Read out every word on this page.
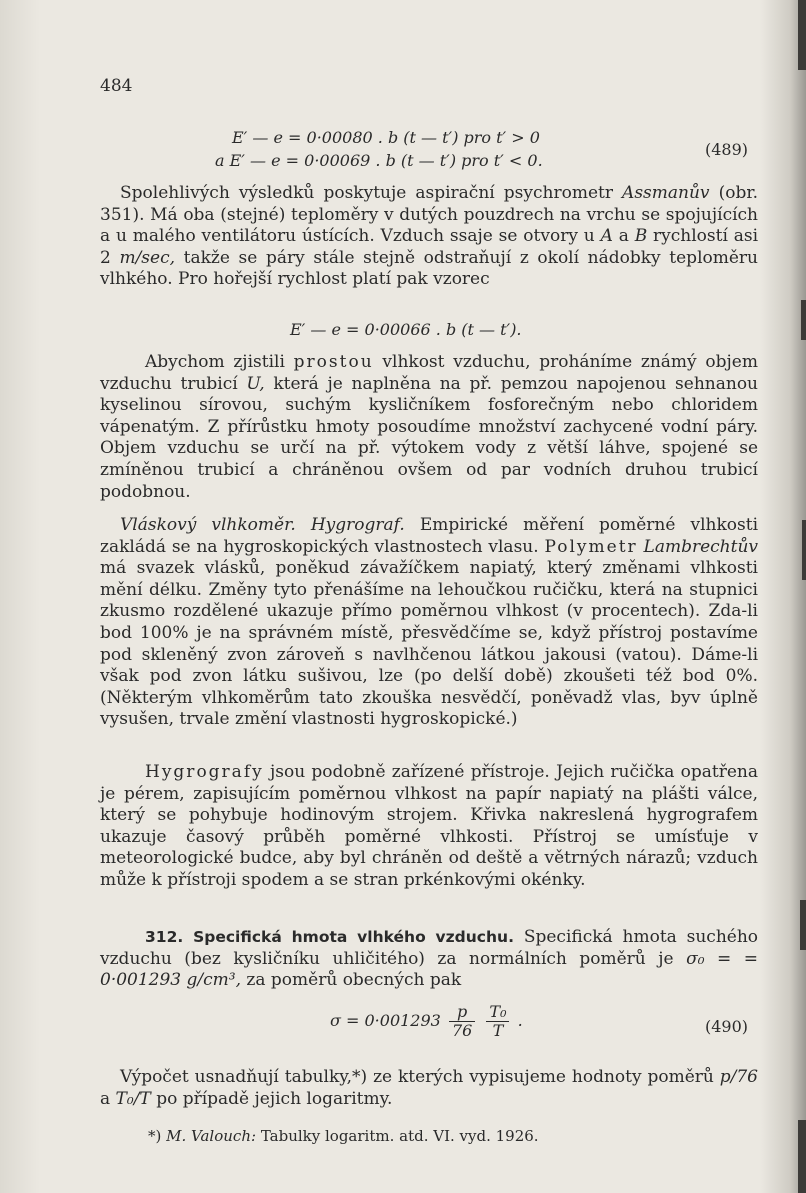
484
E′ — e = 0·00080 . b (t — t′) pro t′ > 0
a E′ — e = 0·00069 . b (t — t′) pro t′ < 0.
(489)

Spolehlivých výsledků poskytuje aspirační psychrometr Assmanův (obr. 351). Má oba (stejné) teploměry v dutých pouzdrech na vrchu se spojujících a u malého ventilátoru ústících. Vzduch ssaje se otvory u A a B rychlostí asi 2 m/sec, takže se páry stále stejně odstraňují z okolí nádobky teploměru vlhkého. Pro hořejší rychlost platí pak vzorec

E′ — e = 0·00066 . b (t — t′).

Abychom zjistili prostou vlhkost vzduchu, proháníme známý objem vzduchu trubicí U, která je naplněna na př. pemzou napojenou sehnanou kyselinou sírovou, suchým kysličníkem fosforečným nebo chloridem vápenatým. Z přírůstku hmoty posoudíme množství zachycené vodní páry. Objem vzduchu se určí na př. výtokem vody z větší láhve, spojené se zmíněnou trubicí a chráněnou ovšem od par vodních druhou trubicí podobnou.

Vláskový vlhkoměr. Hygrograf. Empirické měření poměrné vlhkosti zakládá se na hygroskopických vlastnostech vlasu. Polymetr Lambrechtův má svazek vlásků, poněkud závažíčkem napiatý, který změnami vlhkosti mění délku. Změny tyto přenášíme na lehoučkou ručičku, která na stupnici zkusmo rozdělené ukazuje přímo poměrnou vlhkost (v procentech). Zda-li bod 100% je na správném místě, přesvědčíme se, když přístroj postavíme pod skleněný zvon zároveň s navlhčenou látkou jakousi (vatou). Dáme-li však pod zvon látku sušivou, lze (po delší době) zkoušeti též bod 0%. (Některým vlhkoměrům tato zkouška nesvědčí, poněvadž vlas, byv úplně vysušen, trvale změní vlastnosti hygroskopické.)

Hygrografy jsou podobně zařízené přístroje. Jejich ručička opatřena je pérem, zapisujícím poměrnou vlhkost na papír napiatý na plášti válce, který se pohybuje hodinovým strojem. Křivka nakreslená hygrografem ukazuje časový průběh poměrné vlhkosti. Přístroj se umísťuje v meteorologické budce, aby byl chráněn od deště a větrných nárazů; vzduch může k přístroji spodem a se stran prkénkovými okénky.

312. Specifická hmota vlhkého vzduchu. Specifická hmota suchého vzduchu (bez kysličníku uhličitého) za normálních poměrů je σ₀ = = 0·001293 g/cm³, za poměrů obecných pak

$\sigma = 0\cdot 001293 \frac{p}{76}$
$\frac{\text{T₀}}{T}$ .	(490)

Výpočet usnadňují tabulky,*) ze kterých vypisujeme hodnoty poměrů p/76 a T₀/T po případě jejich logaritmy.

*) M. Valouch: Tabulky logaritm. atd. VI. vyd. 1926.
